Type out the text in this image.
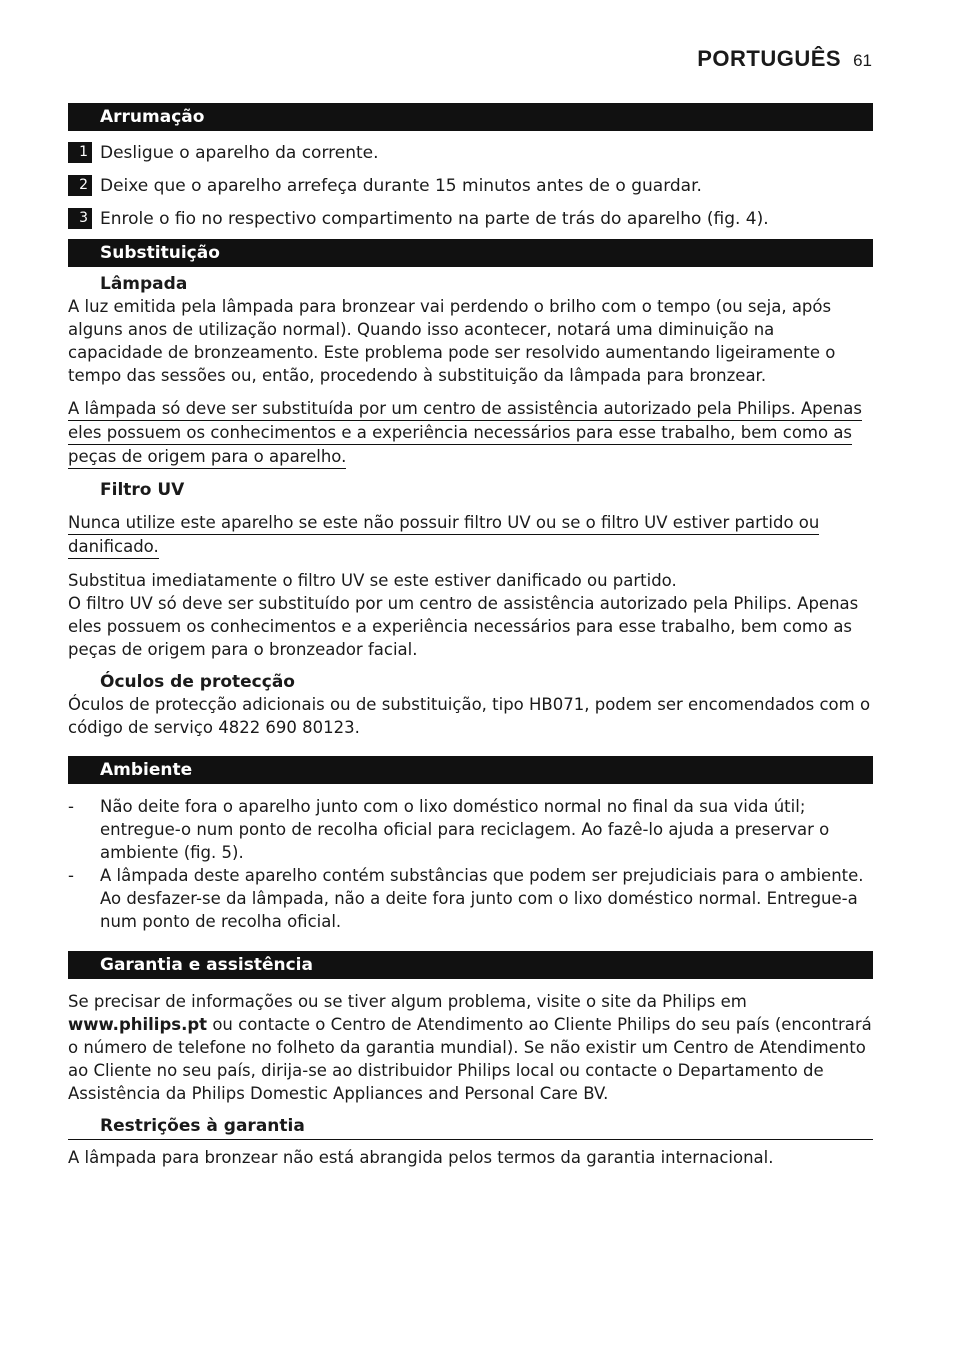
PORTUGUÊS 61
Arrumação
1 Desligue o aparelho da corrente.
2 Deixe que o aparelho arrefeça durante 15 minutos antes de o guardar.
3 Enrole o fio no respectivo compartimento na parte de trás do aparelho (fig. 4).
Substituição
Lâmpada
A luz emitida pela lâmpada para bronzear vai perdendo o brilho com o tempo (ou seja, após alguns anos de utilização normal). Quando isso acontecer, notará uma diminuição na capacidade de bronzeamento. Este problema pode ser resolvido aumentando ligeiramente o tempo das sessões ou, então, procedendo à substituição da lâmpada para bronzear.
A lâmpada só deve ser substituída por um centro de assistência autorizado pela Philips. Apenas
eles possuem os conhecimentos e a experiência necessários para esse trabalho, bem como as
peças de origem para o aparelho.
Filtro UV
Nunca utilize este aparelho se este não possuir filtro UV ou se o filtro UV estiver partido ou
danificado.
Substitua imediatamente o filtro UV se este estiver danificado ou partido.
O filtro UV só deve ser substituído por um centro de assistência autorizado pela Philips. Apenas eles possuem os conhecimentos e a experiência necessários para esse trabalho, bem como as peças de origem para o bronzeador facial.
Óculos de protecção
Óculos de protecção adicionais ou de substituição, tipo HB071, podem ser encomendados com o código de serviço 4822 690 80123.
Ambiente
-	Não deite fora o aparelho junto com o lixo doméstico normal no final da sua vida útil; entregue-o num ponto de recolha oficial para reciclagem. Ao fazê-lo ajuda a preservar o ambiente (fig. 5).
-	A lâmpada deste aparelho contém substâncias que podem ser prejudiciais para o ambiente. Ao desfazer-se da lâmpada, não a deite fora junto com o lixo doméstico normal. Entregue-a num ponto de recolha oficial.
Garantia e assistência
Se precisar de informações ou se tiver algum problema, visite o site da Philips em www.philips.pt ou contacte o Centro de Atendimento ao Cliente Philips do seu país (encontrará o número de telefone no folheto da garantia mundial). Se não existir um Centro de Atendimento ao Cliente no seu país, dirija-se ao distribuidor Philips local ou contacte o Departamento de Assistência da Philips Domestic Appliances and Personal Care BV.
Restrições à garantia
A lâmpada para bronzear não está abrangida pelos termos da garantia internacional.
